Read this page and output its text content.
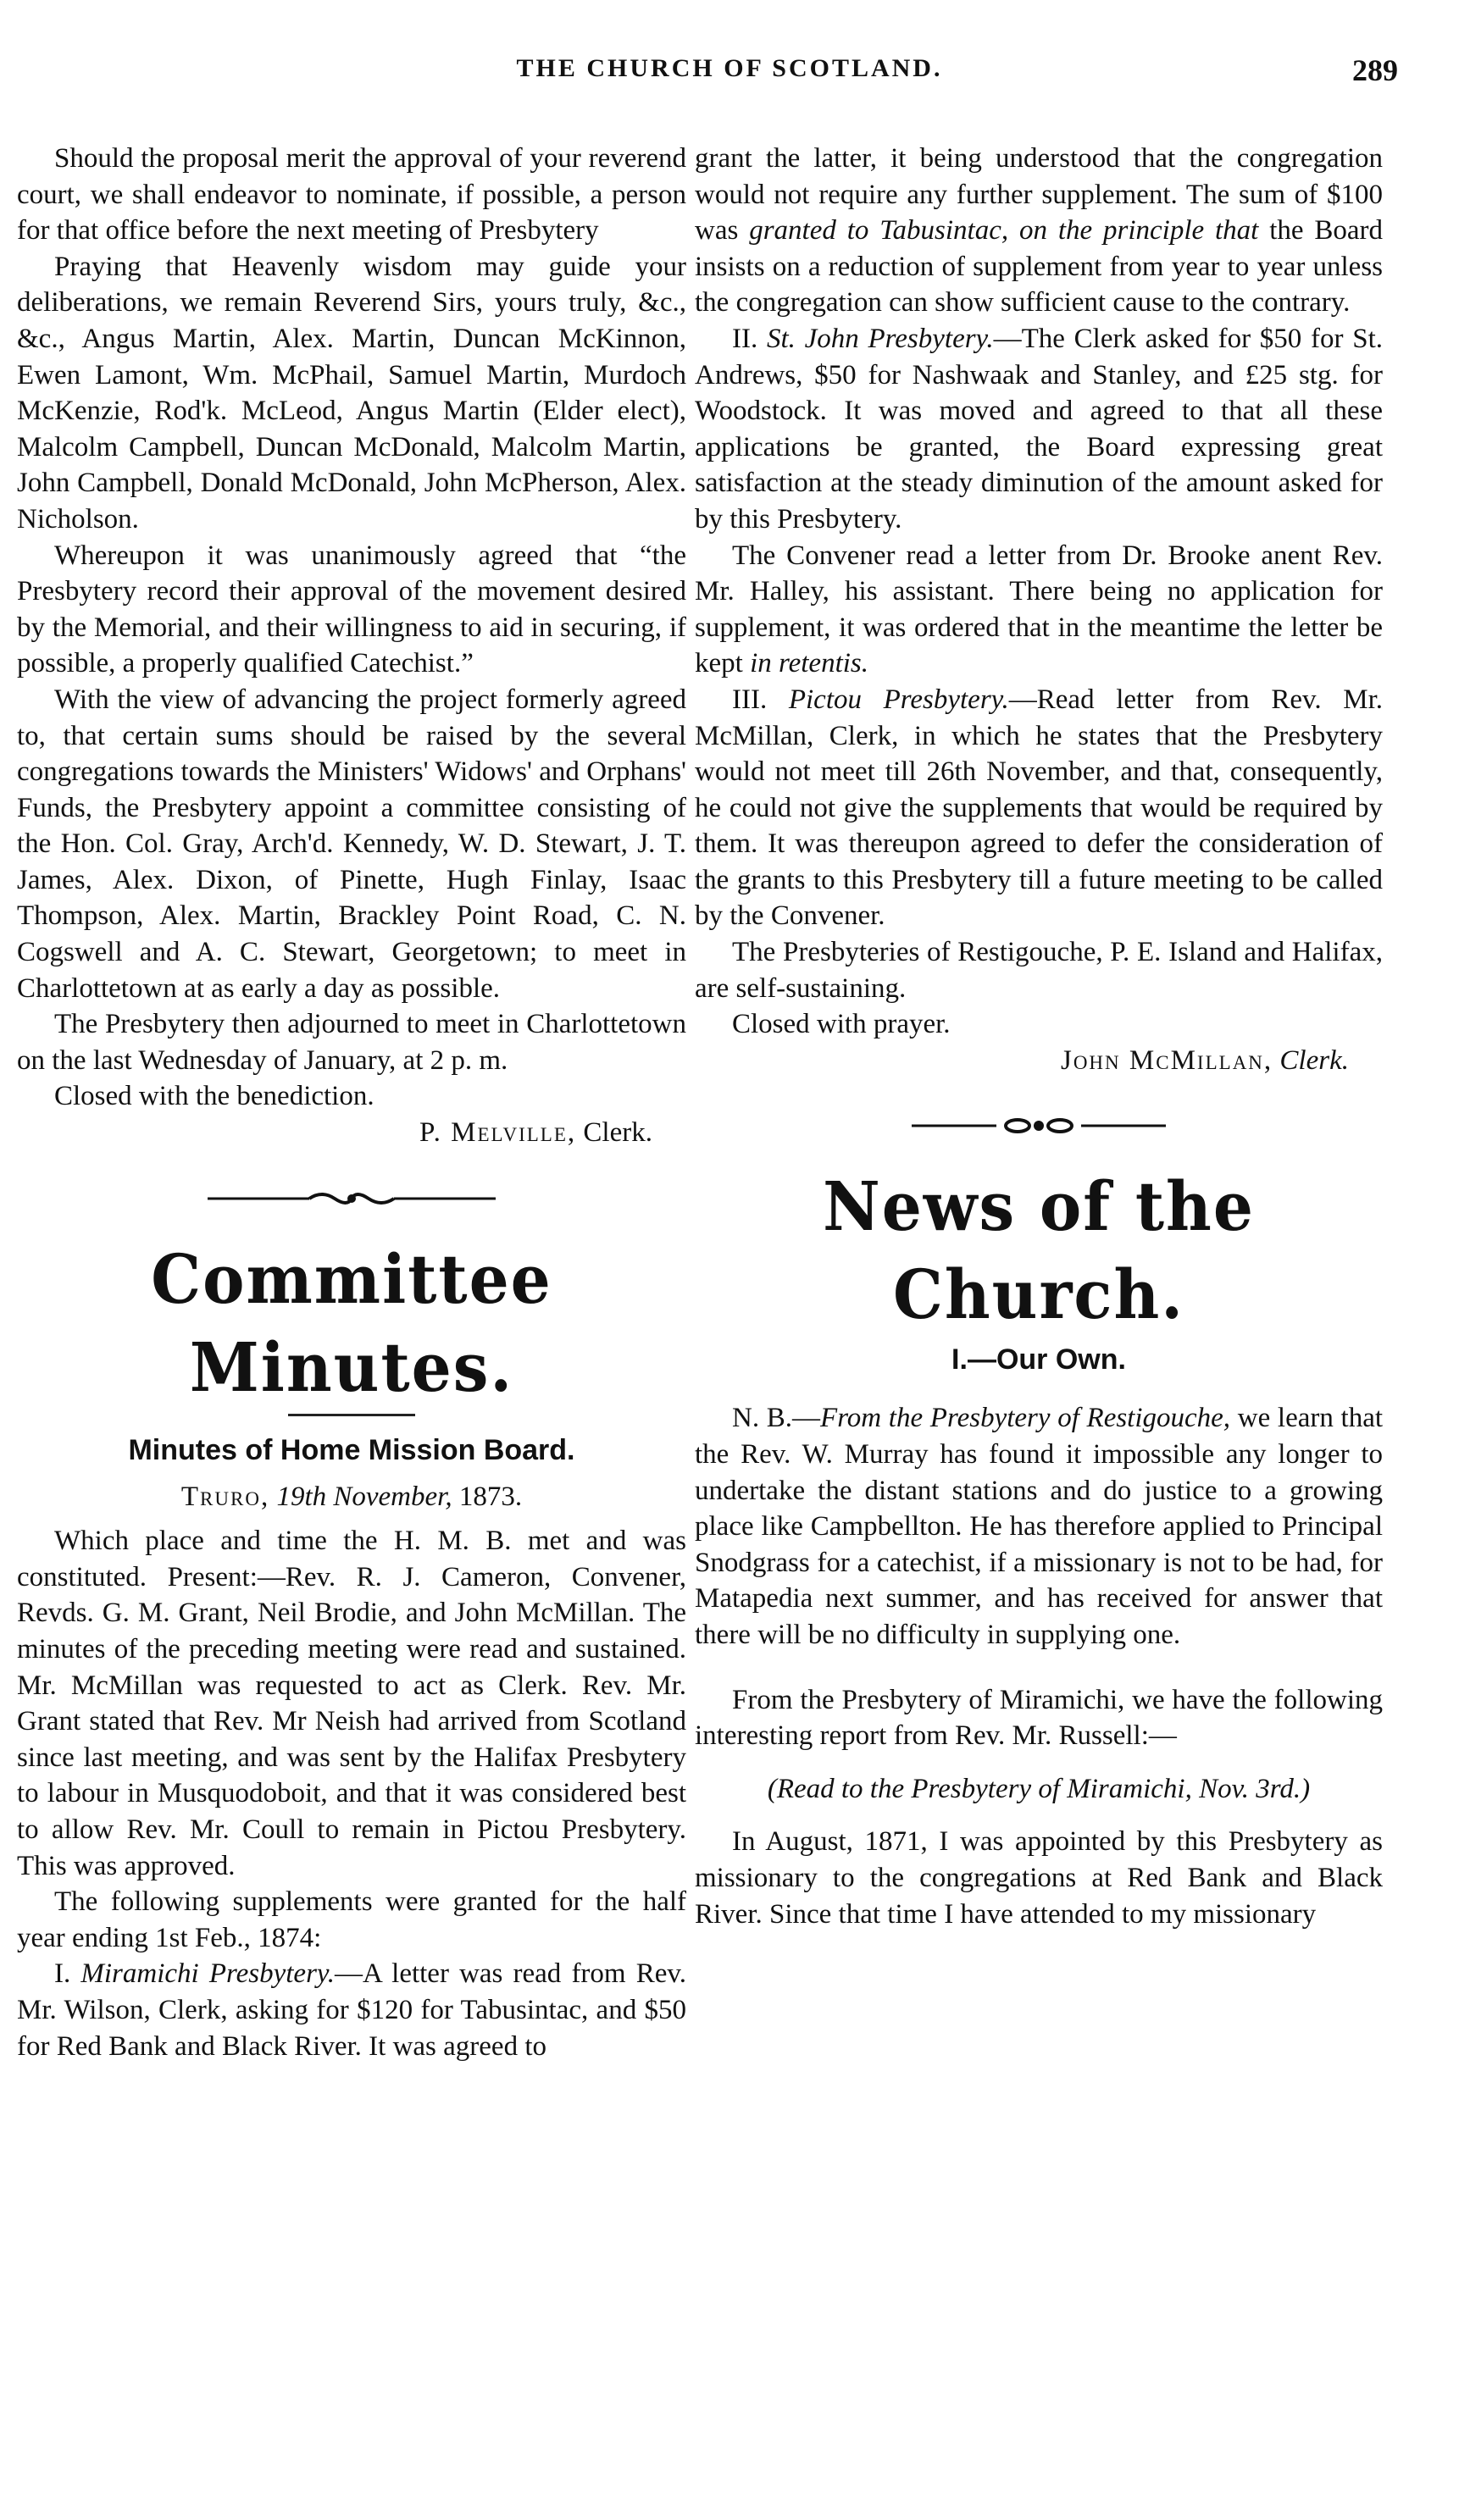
THE CHURCH OF SCOTLAND.	289

Should the proposal merit the approval of your reverend court, we shall endeavor to nominate, if possible, a person for that office before the next meeting of Presbytery

Praying that Heavenly wisdom may guide your deliberations, we remain Reverend Sirs, yours truly, &c., &c., Angus Martin, Alex. Martin, Duncan McKinnon, Ewen Lamont, Wm. McPhail, Samuel Martin, Murdoch McKenzie, Rod'k. McLeod, Angus Martin (Elder elect), Malcolm Campbell, Duncan McDonald, Malcolm Martin, John Campbell, Donald McDonald, John McPherson, Alex. Nicholson.

Whereupon it was unanimously agreed that “the Presbytery record their approval of the movement desired by the Memorial, and their willingness to aid in securing, if possible, a properly qualified Catechist.”

With the view of advancing the project formerly agreed to, that certain sums should be raised by the several congregations towards the Ministers' Widows' and Orphans' Funds, the Presbytery appoint a committee consisting of the Hon. Col. Gray, Arch'd. Kennedy, W. D. Stewart, J. T. James, Alex. Dixon, of Pinette, Hugh Finlay, Isaac Thompson, Alex. Martin, Brackley Point Road, C. N. Cogswell and A. C. Stewart, Georgetown; to meet in Charlottetown at as early a day as possible.

The Presbytery then adjourned to meet in Charlottetown on the last Wednesday of January, at 2 p. m.

Closed with the benediction.

P. Melville, Clerk.

Committee Minutes.

Minutes of Home Mission Board.

Truro, 19th November, 1873.

Which place and time the H. M. B. met and was constituted. Present:—Rev. R. J. Cameron, Convener, Revds. G. M. Grant, Neil Brodie, and John McMillan. The minutes of the preceding meeting were read and sustained. Mr. McMillan was requested to act as Clerk. Rev. Mr. Grant stated that Rev. Mr Neish had arrived from Scotland since last meeting, and was sent by the Halifax Presbytery to labour in Musquodoboit, and that it was considered best to allow Rev. Mr. Coull to remain in Pictou Presbytery. This was approved.

The following supplements were granted for the half year ending 1st Feb., 1874:

I. Miramichi Presbytery.—A letter was read from Rev. Mr. Wilson, Clerk, asking for $120 for Tabusintac, and $50 for Red Bank and Black River. It was agreed to

grant the latter, it being understood that the congregation would not require any further supplement. The sum of $100 was granted to Tabusintac, on the principle that the Board insists on a reduction of supplement from year to year unless the congregation can show sufficient cause to the contrary.

II. St. John Presbytery.—The Clerk asked for $50 for St. Andrews, $50 for Nashwaak and Stanley, and £25 stg. for Woodstock. It was moved and agreed to that all these applications be granted, the Board expressing great satisfaction at the steady diminution of the amount asked for by this Presbytery.

The Convener read a letter from Dr. Brooke anent Rev. Mr. Halley, his assistant. There being no application for supplement, it was ordered that in the meantime the letter be kept in retentis.

III. Pictou Presbytery.—Read letter from Rev. Mr. McMillan, Clerk, in which he states that the Presbytery would not meet till 26th November, and that, consequently, he could not give the supplements that would be required by them. It was thereupon agreed to defer the consideration of the grants to this Presbytery till a future meeting to be called by the Convener.

The Presbyteries of Restigouche, P. E. Island and Halifax, are self-sustaining.

Closed with prayer.

John McMillan, Clerk.

News of the Church.

I.—Our Own.

N. B.—From the Presbytery of Restigouche, we learn that the Rev. W. Murray has found it impossible any longer to undertake the distant stations and do justice to a growing place like Campbellton. He has therefore applied to Principal Snodgrass for a catechist, if a missionary is not to be had, for Matapedia next summer, and has received for answer that there will be no difficulty in supplying one.

From the Presbytery of Miramichi, we have the following interesting report from Rev. Mr. Russell:—

(Read to the Presbytery of Miramichi, Nov. 3rd.)

In August, 1871, I was appointed by this Presbytery as missionary to the congregations at Red Bank and Black River. Since that time I have attended to my missionary
